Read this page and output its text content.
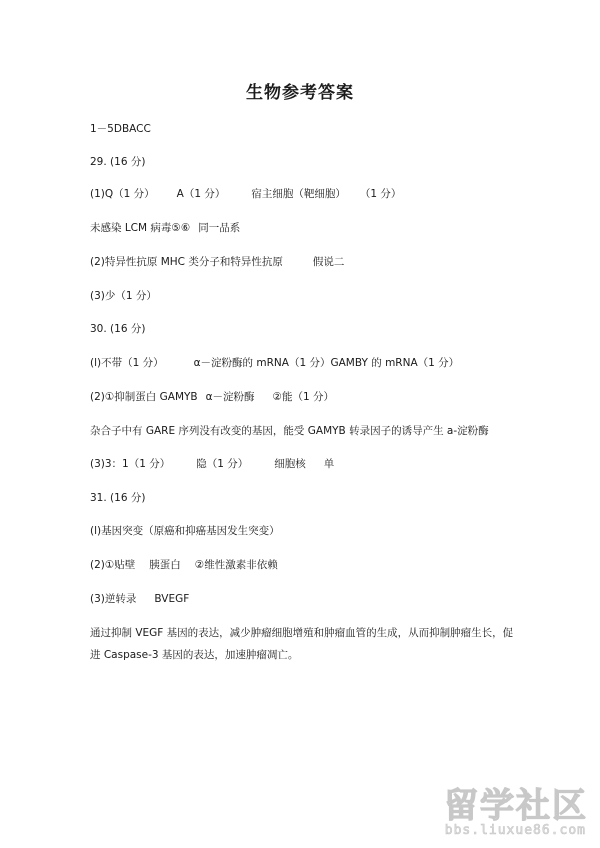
生物参考答案
1－5DBACC
29. (16 分)
(1)Q（1 分） A（1 分） 宿主细胞（靶细胞） （1 分）
未感染 LCM 病毒⑤⑥ 同一品系
(2)特异性抗原 MHC 类分子和特异性抗原	假说二
(3)少（1 分）
30. (16 分)
(l)不带（1 分）	α－淀粉酶的 mRNA（1 分）GAMBY 的 mRNA（1 分）
(2)①抑制蛋白 GAMYB α－淀粉酶 ②能（1 分）
杂合子中有 GARE 序列没有改变的基因，能受 GAMYB 转录因子的诱导产生 a-淀粉酶
(3)3：1（1 分） 隐（1 分） 细胞核 单
31. (16 分)
(l)基因突变（原癌和抑癌基因发生突变）
(2)①贴壁 胰蛋白 ②维性激素非依赖
(3)逆转录 BVEGF
通过抑制 VEGF 基因的表达，减少肿瘤细胞增殖和肿瘤血管的生成，从而抑制肿瘤生长，促进 Caspase-3 基因的表达，加速肿瘤凋亡。
留学社区
bbs.liuxue86.com
